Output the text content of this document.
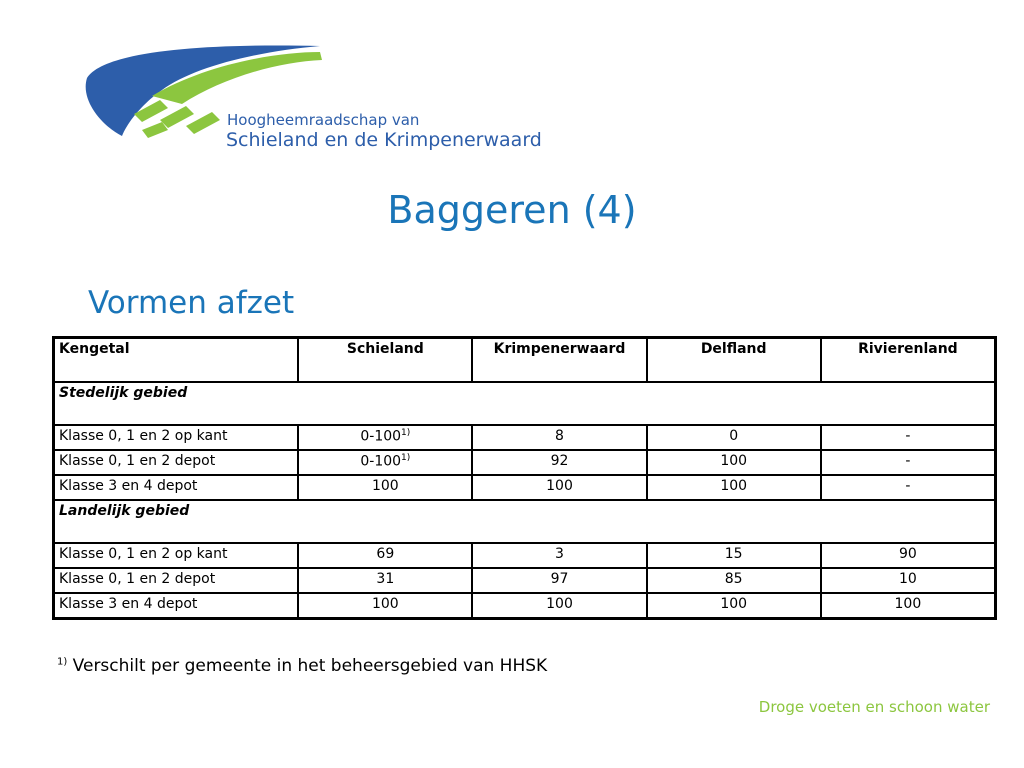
Hoogheemraadschap van
Schieland en de Krimpenerwaard
Baggeren (4)
Vormen afzet
Kengetal	Schieland	Krimpenerwaard	Delfland	Rivierenland
Stedelijk gebied				
Klasse 0, 1 en 2 op kant	0-100$^{1)}$	8	0	-
Klasse 0, 1 en 2 depot	0-100$^{1)}$	92	100	-
Klasse 3 en 4 depot	100	100	100	-
Landelijk gebied				
Klasse 0, 1 en 2 op kant	69	3	15	90
Klasse 0, 1 en 2 depot	31	97	85	10
Klasse 3 en 4 depot	100	100	100	100
$^{1)}$ Verschilt per gemeente in het beheersgebied van HHSK
Droge voeten en schoon water
